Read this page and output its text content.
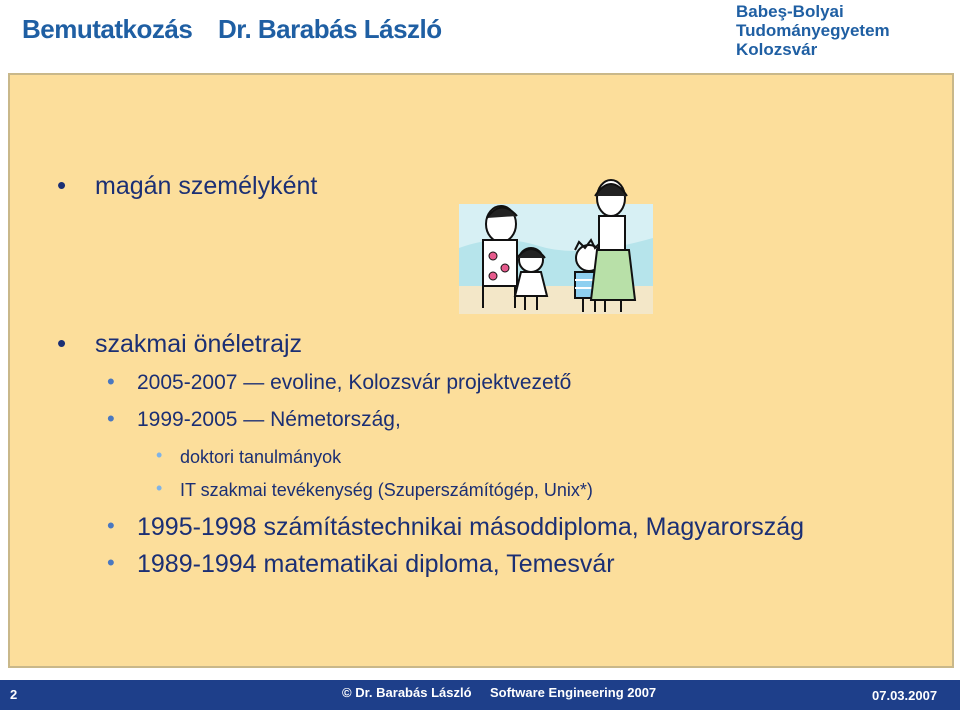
Bemutatkozás Dr. Barabás László
Babeş-Bolyai
Tudományegyetem
Kolozsvár
• magán személyként
• szakmai önéletrajz
• 2005-2007 — evoline, Kolozsvár projektvezető
• 1999-2005 — Németország,
• doktori tanulmányok
• IT szakmai tevékenység (Szuperszámítógép, Unix*)
• 1995-1998 számítástechnikai másoddiploma, Magyarország
• 1989-1994 matematikai diploma, Temesvár
2	© Dr. Barabás László Software Engineering 2007	07.03.2007
